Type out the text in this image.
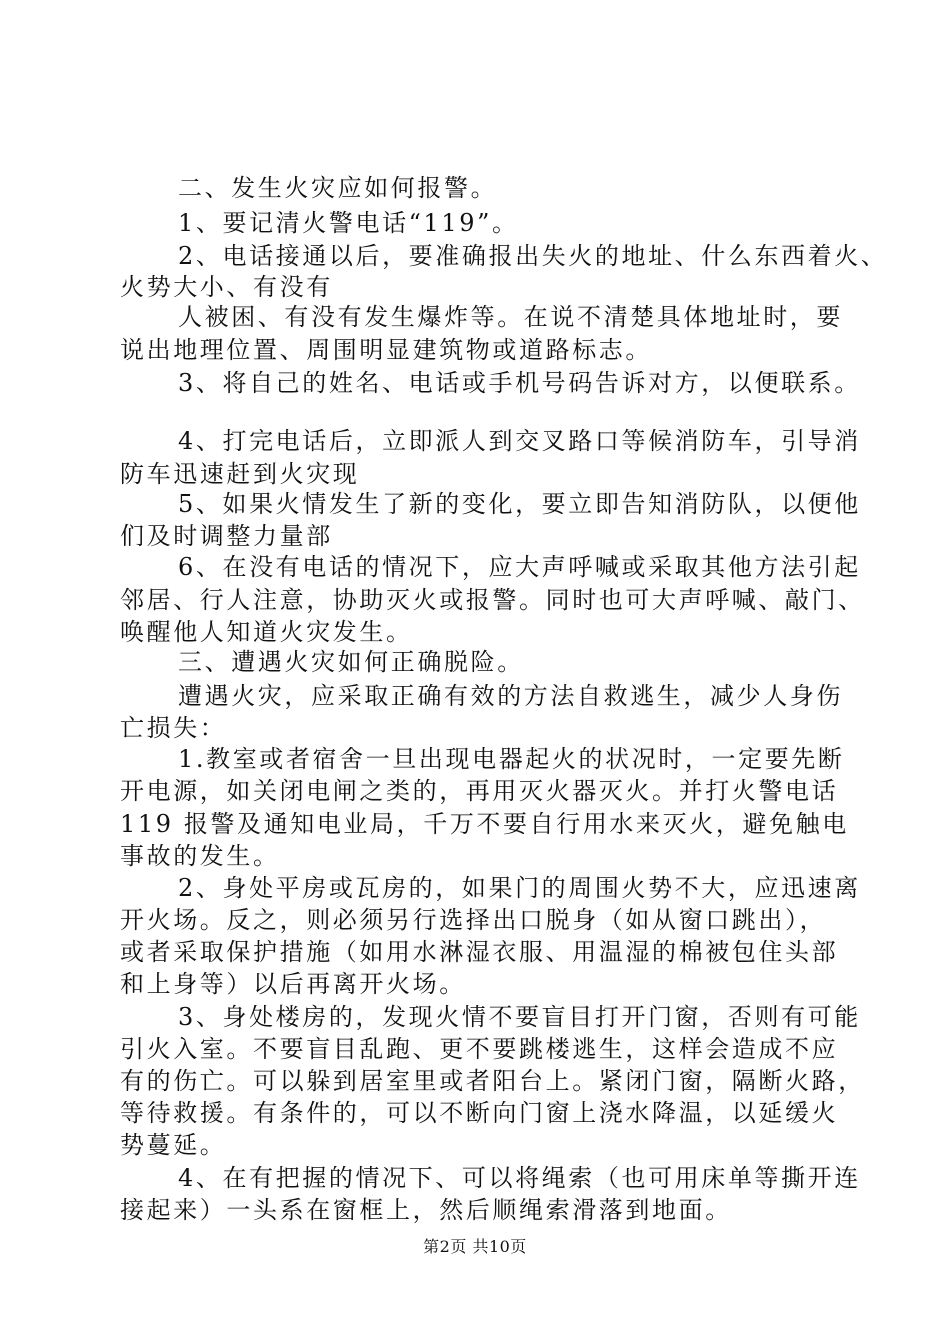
二、发生火灾应如何报警。
1、要记清火警电话“119”。
2、电话接通以后，要准确报出失火的地址、什么东西着火、
火势大小、有没有
人被困、有没有发生爆炸等。在说不清楚具体地址时，要
说出地理位置、周围明显建筑物或道路标志。
3、将自己的姓名、电话或手机号码告诉对方，以便联系。
4、打完电话后，立即派人到交叉路口等候消防车，引导消
防车迅速赶到火灾现
5、如果火情发生了新的变化，要立即告知消防队，以便他
们及时调整力量部
6、在没有电话的情况下，应大声呼喊或采取其他方法引起
邻居、行人注意，协助灭火或报警。同时也可大声呼喊、敲门、
唤醒他人知道火灾发生。
三、遭遇火灾如何正确脱险。
遭遇火灾，应采取正确有效的方法自救逃生，减少人身伤
亡损失：
1.教室或者宿舍一旦出现电器起火的状况时，一定要先断
开电源，如关闭电闸之类的，再用灭火器灭火。并打火警电话
119 报警及通知电业局，千万不要自行用水来灭火，避免触电
事故的发生。
2、身处平房或瓦房的，如果门的周围火势不大，应迅速离
开火场。反之，则必须另行选择出口脱身（如从窗口跳出），
或者采取保护措施（如用水淋湿衣服、用温湿的棉被包住头部
和上身等）以后再离开火场。
3、身处楼房的，发现火情不要盲目打开门窗，否则有可能
引火入室。不要盲目乱跑、更不要跳楼逃生，这样会造成不应
有的伤亡。可以躲到居室里或者阳台上。紧闭门窗，隔断火路，
等待救援。有条件的，可以不断向门窗上浇水降温，以延缓火
势蔓延。
4、在有把握的情况下、可以将绳索（也可用床单等撕开连
接起来）一头系在窗框上，然后顺绳索滑落到地面。
第2页 共10页
